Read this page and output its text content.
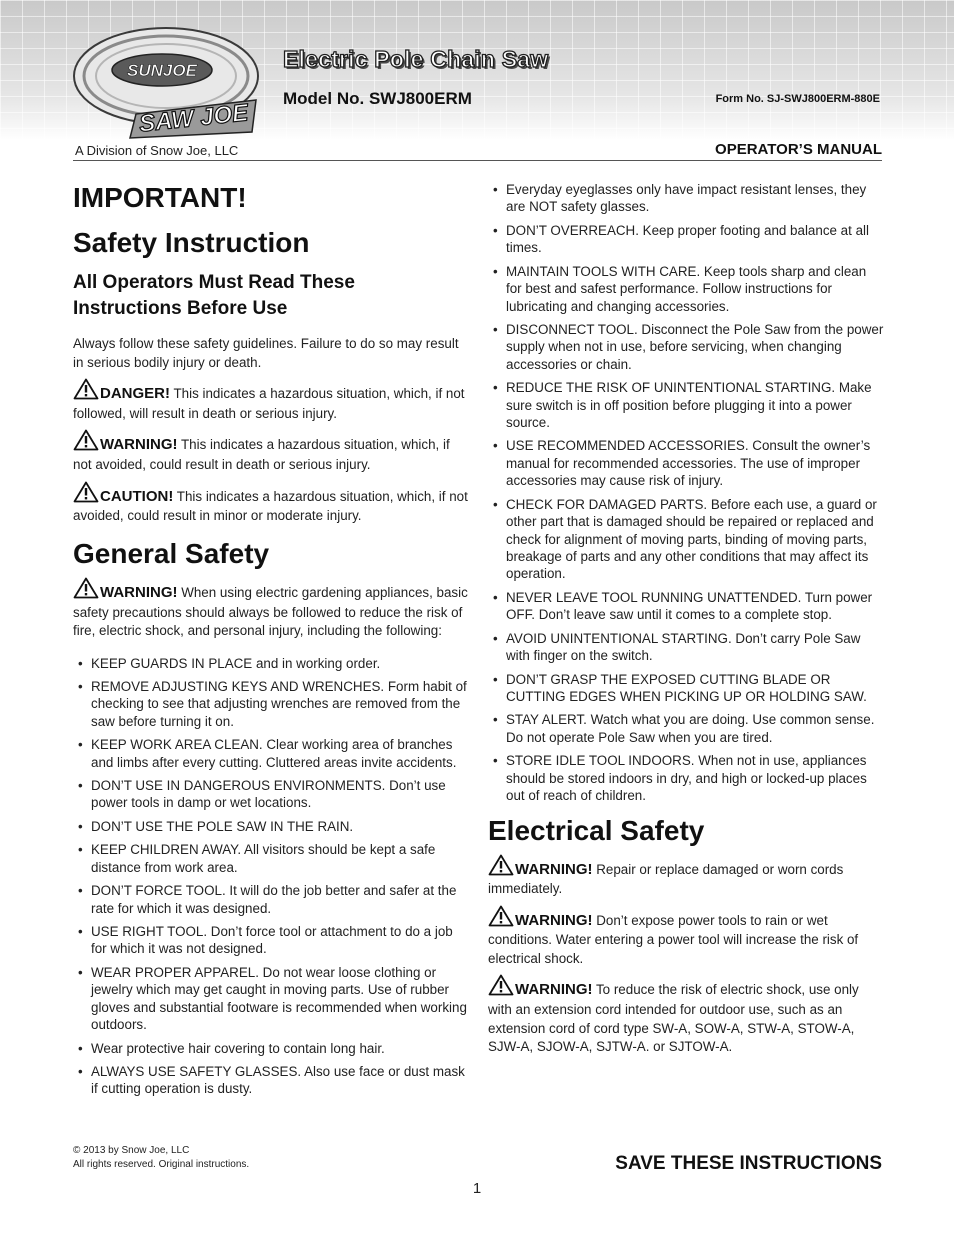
SUNJOE
SAW JOE
Electric Pole Chain Saw
Model No. SWJ800ERM	Form No. SJ-SWJ800ERM-880E
A Division of Snow Joe, LLC	OPERATOR’S MANUAL
IMPORTANT!
Safety Instruction
All Operators Must Read These Instructions Before Use

Always follow these safety guidelines. Failure to do so may result in serious bodily injury or death.

DANGER! This indicates a hazardous situation, which, if not followed, will result in death or serious injury.

WARNING! This indicates a hazardous situation, which, if not avoided, could result in death or serious injury.

CAUTION! This indicates a hazardous situation, which, if not avoided, could result in minor or moderate injury.

General Safety

WARNING! When using electric gardening appliances, basic safety precautions should always be followed to reduce the risk of fire, electric shock, and personal injury, including the following:

• KEEP GUARDS IN PLACE and in working order.
• REMOVE ADJUSTING KEYS AND WRENCHES. Form habit of checking to see that adjusting wrenches are removed from the saw before turning it on.
• KEEP WORK AREA CLEAN. Clear working area of branches and limbs after every cutting. Cluttered areas invite accidents.
• DON’T USE IN DANGEROUS ENVIRONMENTS. Don’t use power tools in damp or wet locations.
• DON’T USE THE POLE SAW IN THE RAIN.
• KEEP CHILDREN AWAY. All visitors should be kept a safe distance from work area.
• DON’T FORCE TOOL. It will do the job better and safer at the rate for which it was designed.
• USE RIGHT TOOL. Don’t force tool or attachment to do a job for which it was not designed.
• WEAR PROPER APPAREL. Do not wear loose clothing or jewelry which may get caught in moving parts. Use of rubber gloves and substantial footware is recommended when working outdoors.
• Wear protective hair covering to contain long hair.
• ALWAYS USE SAFETY GLASSES. Also use face or dust mask if cutting operation is dusty.
• Everyday eyeglasses only have impact resistant lenses, they are NOT safety glasses.
• DON’T OVERREACH. Keep proper footing and balance at all times.
• MAINTAIN TOOLS WITH CARE. Keep tools sharp and clean for best and safest performance. Follow instructions for lubricating and changing accessories.
• DISCONNECT TOOL. Disconnect the Pole Saw from the power supply when not in use, before servicing, when changing accessories or chain.
• REDUCE THE RISK OF UNINTENTIONAL STARTING. Make sure switch is in off position before plugging it into a power source.
• USE RECOMMENDED ACCESSORIES. Consult the owner’s manual for recommended accessories. The use of improper accessories may cause risk of injury.
• CHECK FOR DAMAGED PARTS. Before each use, a guard or other part that is damaged should be repaired or replaced and check for alignment of moving parts, binding of moving parts, breakage of parts and any other conditions that may affect its operation.
• NEVER LEAVE TOOL RUNNING UNATTENDED. Turn power OFF. Don’t leave saw until it comes to a complete stop.
• AVOID UNINTENTIONAL STARTING. Don’t carry Pole Saw with finger on the switch.
• DON’T GRASP THE EXPOSED CUTTING BLADE OR CUTTING EDGES WHEN PICKING UP OR HOLDING SAW.
• STAY ALERT. Watch what you are doing. Use common sense. Do not operate Pole Saw when you are tired.
• STORE IDLE TOOL INDOORS. When not in use, appliances should be stored indoors in dry, and high or locked-up places out of reach of children.
Electrical Safety

WARNING! Repair or replace damaged or worn cords immediately.

WARNING! Don’t expose power tools to rain or wet conditions. Water entering a power tool will increase the risk of electrical shock.

WARNING! To reduce the risk of electric shock, use only with an extension cord intended for outdoor use, such as an extension cord of cord type SW-A, SOW-A, STW-A, STOW-A, SJW-A, SJOW-A, SJTW-A. or SJTOW-A.

© 2013 by Snow Joe, LLC
All rights reserved. Original instructions.	SAVE THESE INSTRUCTIONS
1
